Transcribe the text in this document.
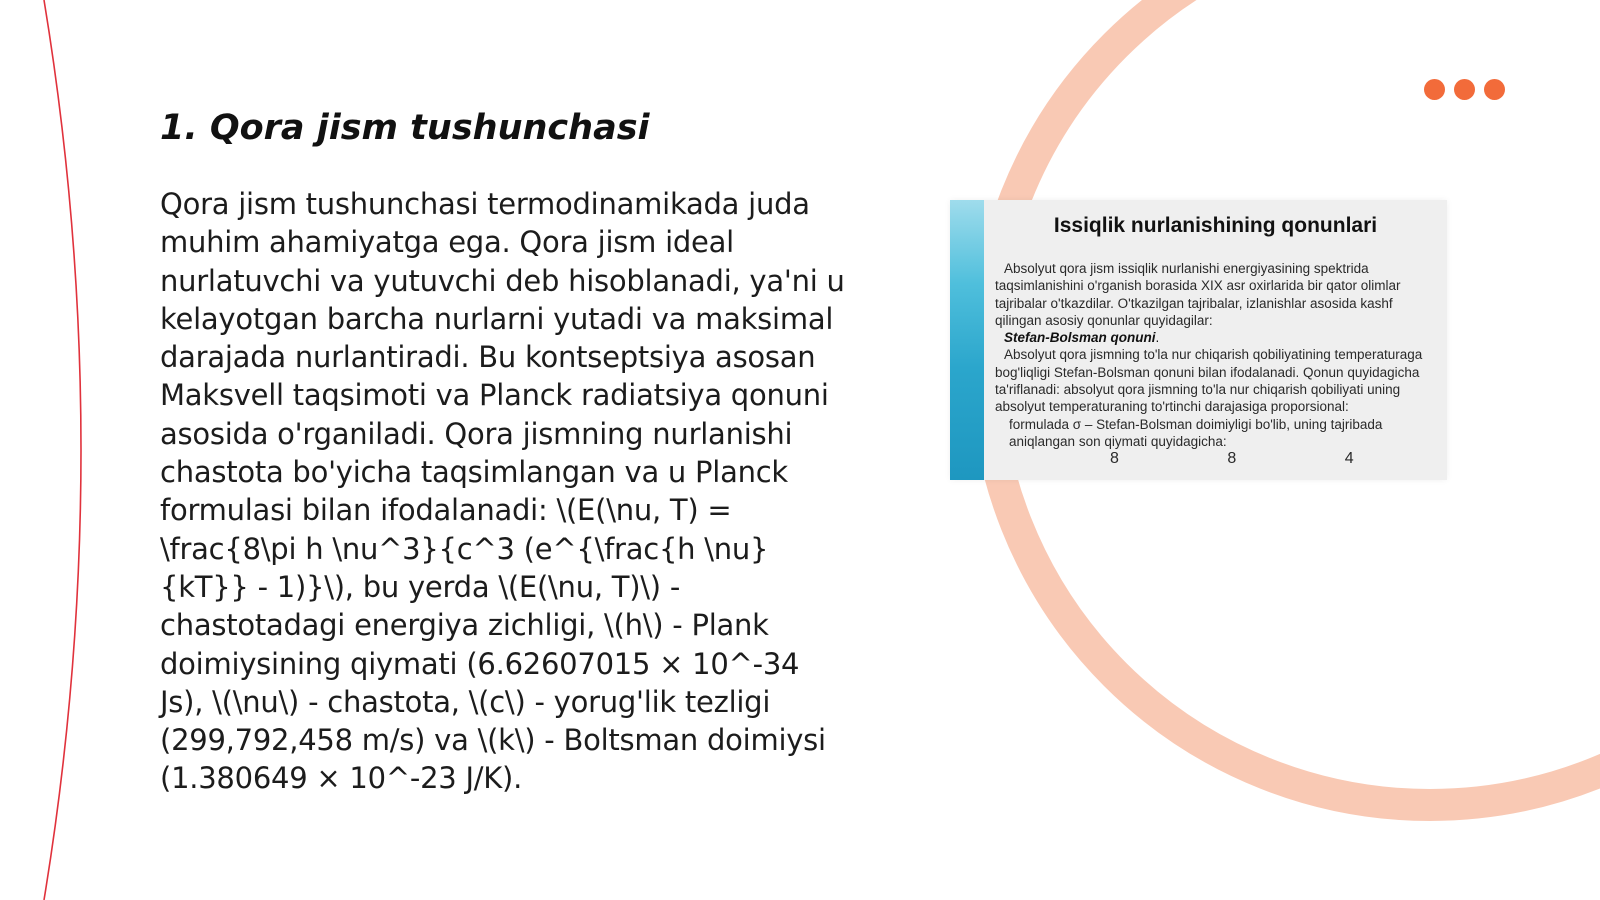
1. Qora jism tushunchasi

Qora jism tushunchasi termodinamikada juda muhim ahamiyatga ega. Qora jism ideal nurlatuvchi va yutuvchi deb hisoblanadi, ya'ni u kelayotgan barcha nurlarni yutadi va maksimal darajada nurlantiradi. Bu kontseptsiya asosan Maksvell taqsimoti va Planck radiatsiya qonuni asosida o'rganiladi. Qora jismning nurlanishi chastota bo'yicha taqsimlangan va u Planck formulasi bilan ifodalanadi: \(E(\nu, T) = \frac{8\pi h \nu^3}{c^3 (e^{\frac{h \nu}{kT}} - 1)}\), bu yerda \(E(\nu, T)\) - chastotadagi energiya zichligi, \(h\) - Plank doimiysining qiymati (6.62607015 × 10^-34 Js), \(\nu\) - chastota, \(c\) - yorug'lik tezligi (299,792,458 m/s) va \(k\) - Boltsman doimiysi (1.380649 × 10^-23 J/K).

Issiqlik nurlanishining qonunlari

Absolyut qora jism issiqlik nurlanishi energiyasining spektrida taqsimlanishini o'rganish borasida XIX asr oxirlarida bir qator olimlar tajribalar o'tkazdilar. O'tkazilgan tajribalar, izlanishlar asosida kashf qilingan asosiy qonunlar quyidagilar:

Stefan-Bolsman qonuni.

Absolyut qora jismning to'la nur chiqarish qobiliyatining temperaturaga bog'liqligi Stefan-Bolsman qonuni bilan ifodalanadi. Qonun quyidagicha ta'riflanadi: absolyut qora jismning to'la nur chiqarish qobiliyati uning absolyut temperaturaning to'rtinchi darajasiga proporsional:

formulada σ – Stefan-Bolsman doimiyligi bo'lib, uning tajribada aniqlangan son qiymati quyidagicha:

8 8 4
